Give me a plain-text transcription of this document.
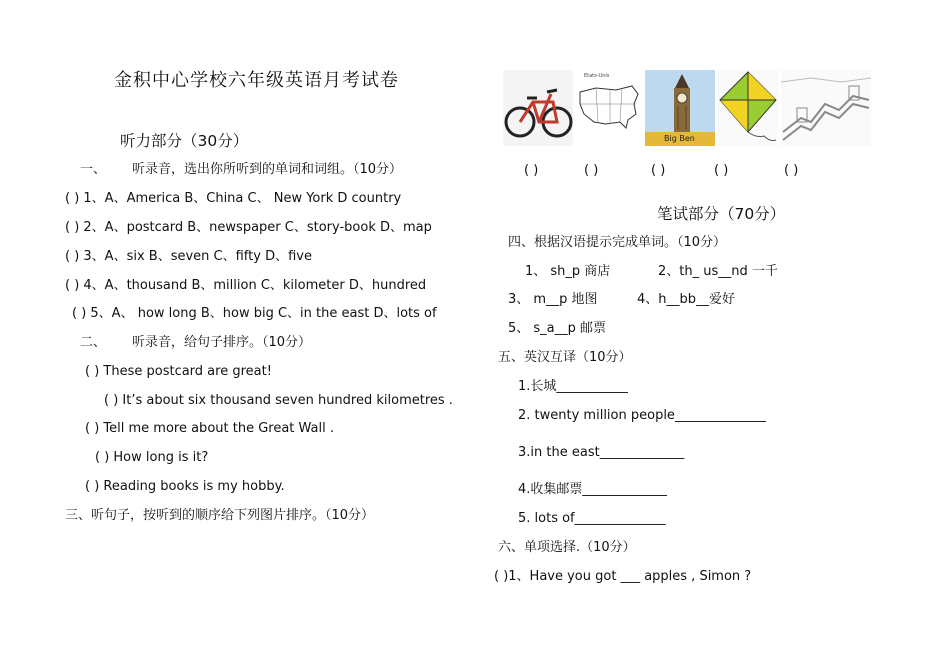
金积中心学校六年级英语月考试卷
听力部分（30分）
一、 听录音，选出你所听到的单词和词组。（10分）
( ) 1、A、America B、China C、 New York D country
( ) 2、A、postcard B、newspaper C、story-book D、map
( ) 3、A、six B、seven C、fifty D、five
( ) 4、A、thousand B、million C、kilometer D、hundred
( ) 5、A、 how long B、how big C、in the east D、lots of
二、 听录音，给句子排序。（10分）
( ) These postcard are great!
( ) It’s about six thousand seven hundred kilometres .
( ) Tell me more about the Great Wall .
( ) How long is it?
( ) Reading books is my hobby.
三、听句子，按听到的顺序给下列图片排序。（10分）
Etats-Unis
Big Ben
( )	( )	( )	( )	( )
笔试部分（70分）
四、根据汉语提示完成单词。（10分）
1、 sh_p 商店	2、th_ us__nd 一千
3、 m__p 地图	4、h__bb__爱好
5、 s_a__p 邮票
五、英汉互译（10分）
1.长城___________
2. twenty million people______________
3.in the east_____________
4.收集邮票_____________
5. lots of______________
六、单项选择.（10分）
( )1、Have you got ___ apples , Simon ?
